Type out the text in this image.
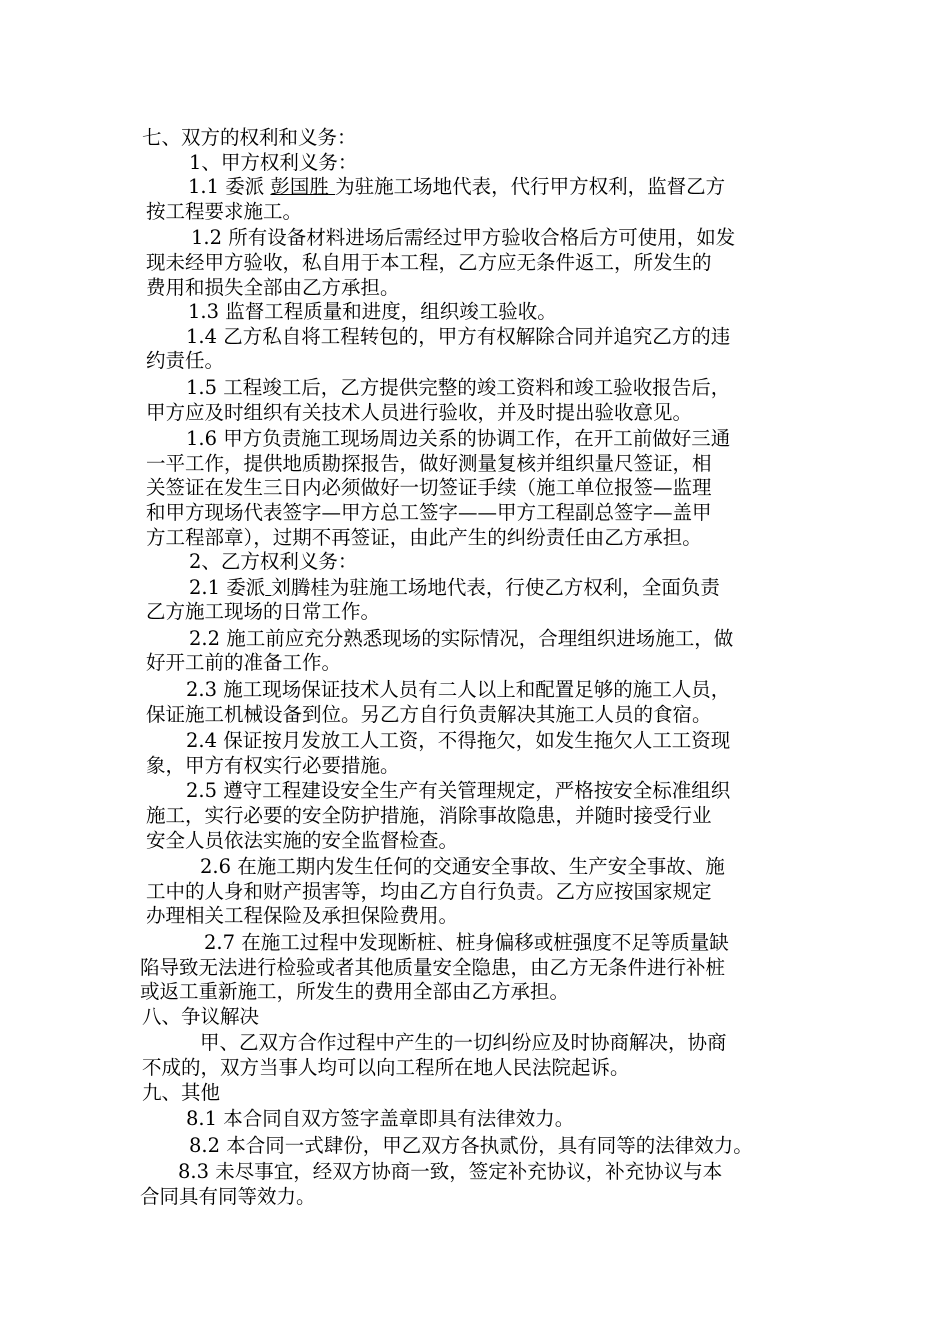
七、双方的权利和义务：
1、甲方权利义务：
1.1 委派 彭国胜 为驻施工场地代表，代行甲方权利，监督乙方
按工程要求施工。
1.2 所有设备材料进场后需经过甲方验收合格后方可使用，如发
现未经甲方验收，私自用于本工程，乙方应无条件返工，所发生的
费用和损失全部由乙方承担。
1.3 监督工程质量和进度，组织竣工验收。
1.4 乙方私自将工程转包的，甲方有权解除合同并追究乙方的违
约责任。
1.5 工程竣工后，乙方提供完整的竣工资料和竣工验收报告后，
甲方应及时组织有关技术人员进行验收，并及时提出验收意见。
1.6 甲方负责施工现场周边关系的协调工作，在开工前做好三通
一平工作，提供地质勘探报告，做好测量复核并组织量尺签证，相
关签证在发生三日内必须做好一切签证手续（施工单位报签—监理
和甲方现场代表签字—甲方总工签字——甲方工程副总签字—盖甲
方工程部章），过期不再签证，由此产生的纠纷责任由乙方承担。
2、乙方权利义务：
2.1 委派 刘腾桂为驻施工场地代表，行使乙方权利，全面负责
乙方施工现场的日常工作。
2.2 施工前应充分熟悉现场的实际情况，合理组织进场施工，做
好开工前的准备工作。
2.3 施工现场保证技术人员有二人以上和配置足够的施工人员，
保证施工机械设备到位。另乙方自行负责解决其施工人员的食宿。
2.4 保证按月发放工人工资，不得拖欠，如发生拖欠人工工资现
象，甲方有权实行必要措施。
2.5 遵守工程建设安全生产有关管理规定，严格按安全标准组织
施工，实行必要的安全防护措施，消除事故隐患，并随时接受行业
安全人员依法实施的安全监督检查。
2.6 在施工期内发生任何的交通安全事故、生产安全事故、施
工中的人身和财产损害等，均由乙方自行负责。乙方应按国家规定
办理相关工程保险及承担保险费用。
2.7 在施工过程中发现断桩、桩身偏移或桩强度不足等质量缺
陷导致无法进行检验或者其他质量安全隐患，由乙方无条件进行补桩
或返工重新施工，所发生的费用全部由乙方承担。
八、争议解决
甲、乙双方合作过程中产生的一切纠纷应及时协商解决，协商
不成的，双方当事人均可以向工程所在地人民法院起诉。
九、其他
8.1 本合同自双方签字盖章即具有法律效力。
8.2 本合同一式肆份，甲乙双方各执贰份，具有同等的法律效力。
8.3 未尽事宜，经双方协商一致，签定补充协议，补充协议与本
合同具有同等效力。
